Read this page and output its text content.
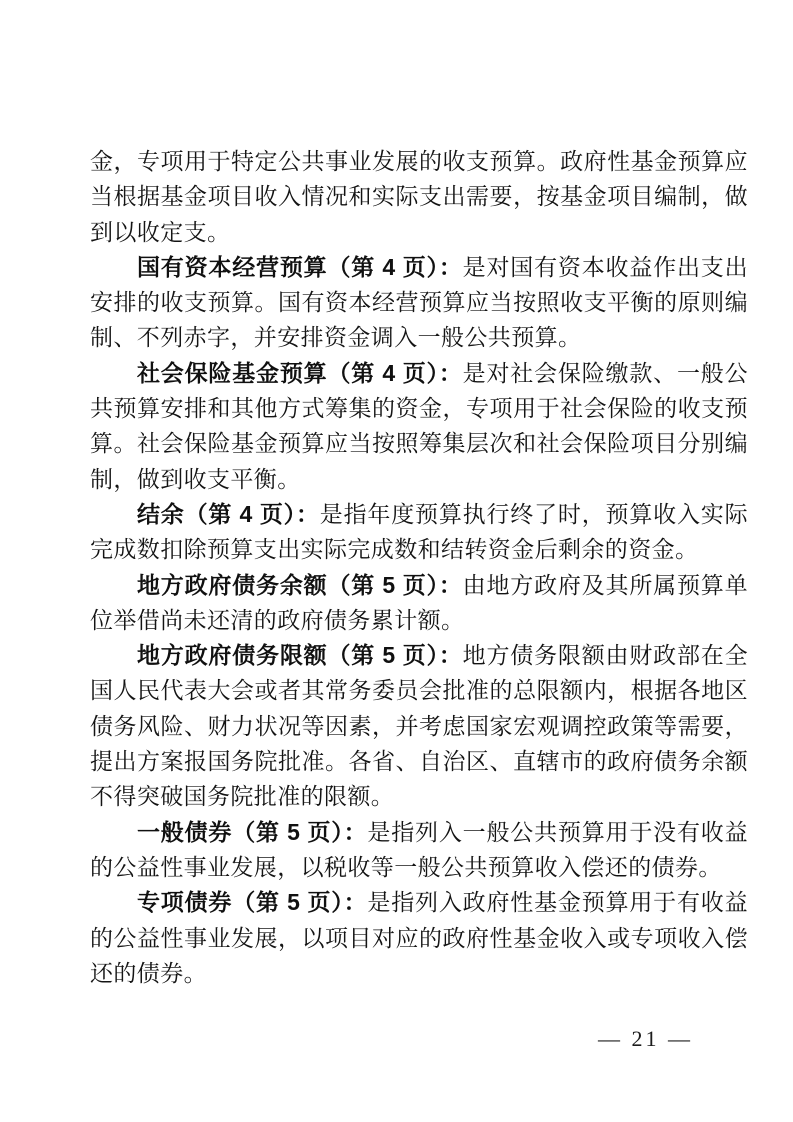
金，专项用于特定公共事业发展的收支预算。政府性基金预算应当根据基金项目收入情况和实际支出需要，按基金项目编制，做到以收定支。

国有资本经营预算（第 4 页）：是对国有资本收益作出支出安排的收支预算。国有资本经营预算应当按照收支平衡的原则编制、不列赤字，并安排资金调入一般公共预算。

社会保险基金预算（第 4 页）：是对社会保险缴款、一般公共预算安排和其他方式筹集的资金，专项用于社会保险的收支预算。社会保险基金预算应当按照筹集层次和社会保险项目分别编制，做到收支平衡。

结余（第 4 页）：是指年度预算执行终了时，预算收入实际完成数扣除预算支出实际完成数和结转资金后剩余的资金。

地方政府债务余额（第 5 页）：由地方政府及其所属预算单位举借尚未还清的政府债务累计额。

地方政府债务限额（第 5 页）：地方债务限额由财政部在全国人民代表大会或者其常务委员会批准的总限额内，根据各地区债务风险、财力状况等因素，并考虑国家宏观调控政策等需要，提出方案报国务院批准。各省、自治区、直辖市的政府债务余额不得突破国务院批准的限额。

一般债券（第 5 页）：是指列入一般公共预算用于没有收益的公益性事业发展，以税收等一般公共预算收入偿还的债券。

专项债券（第 5 页）：是指列入政府性基金预算用于有收益的公益性事业发展，以项目对应的政府性基金收入或专项收入偿还的债券。

— 21 —
